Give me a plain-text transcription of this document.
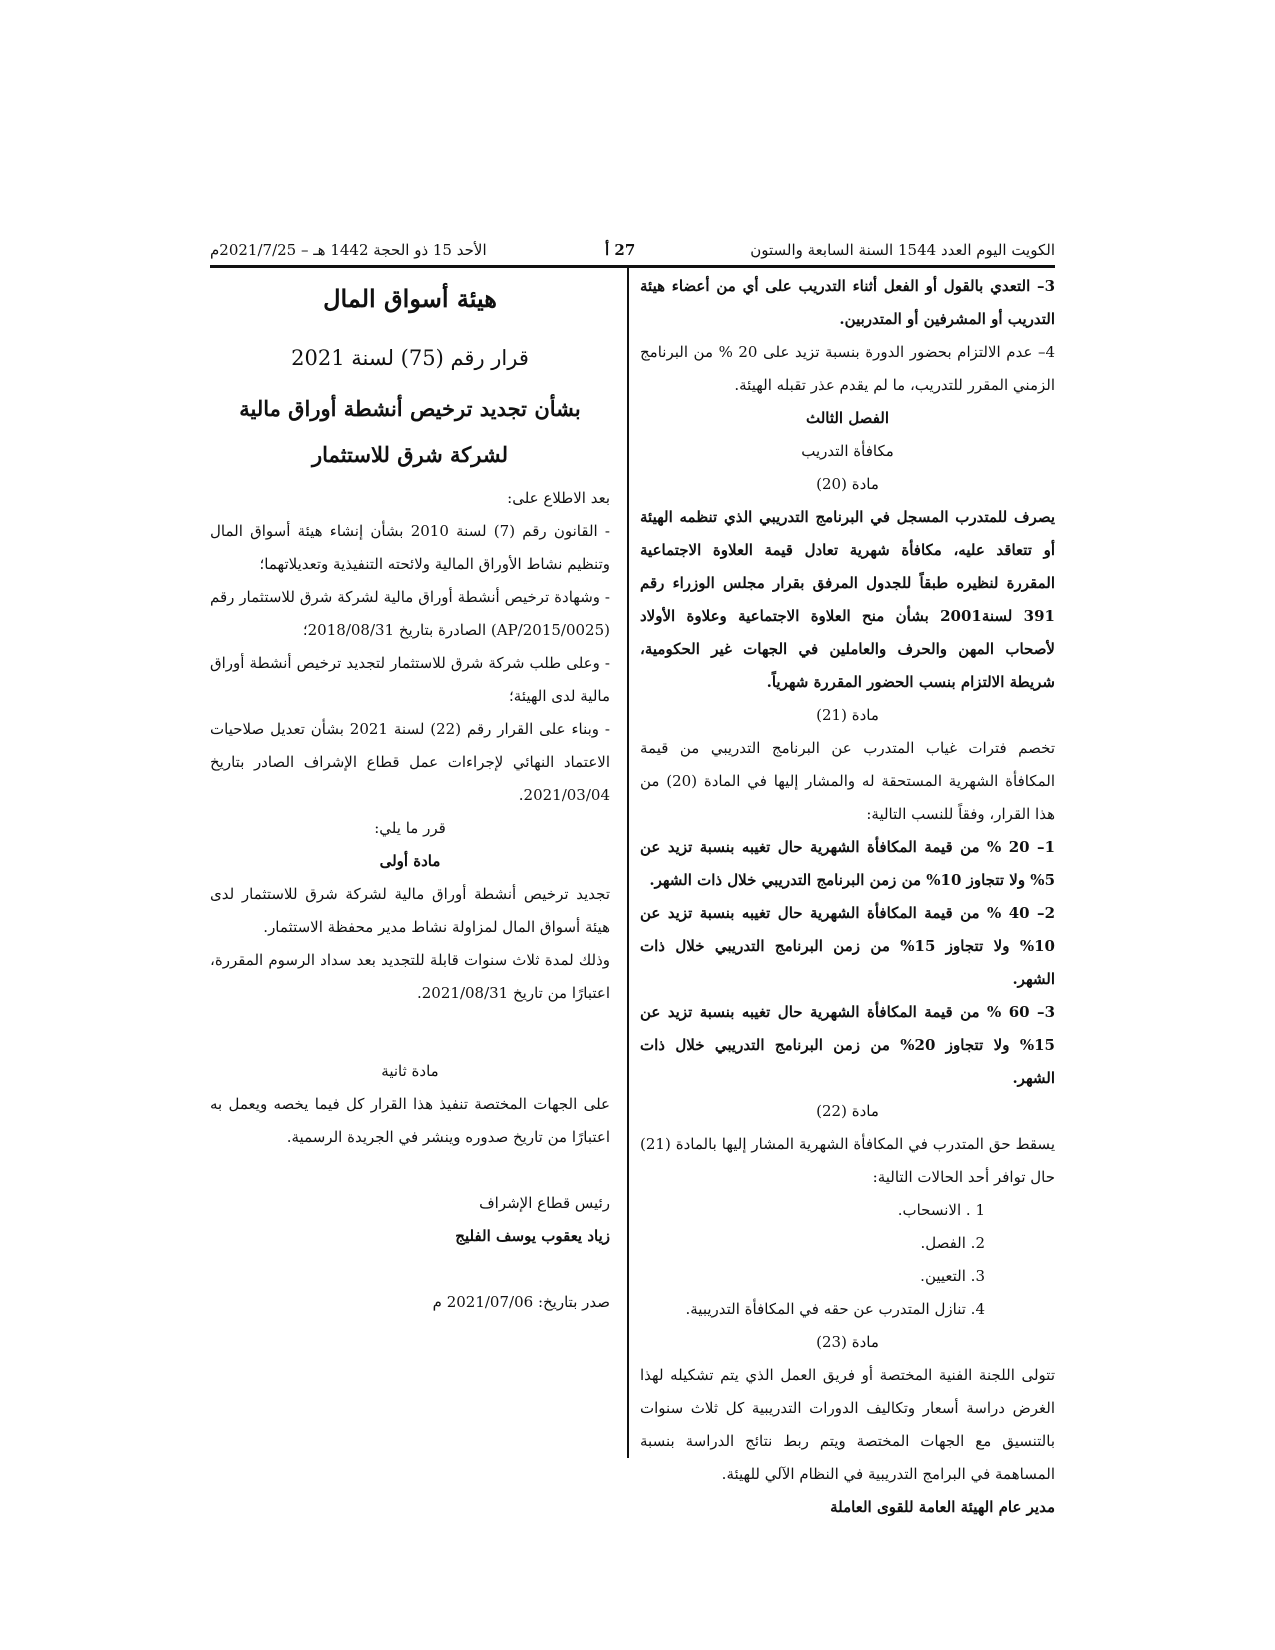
الكويت اليوم العدد 1544 السنة السابعة والستون
27 أ
الأحد 15 ذو الحجة 1442 هـ – 2021/7/25م

3– التعدي بالقول أو الفعل أثناء التدريب على أي من أعضاء هيئة التدريب أو المشرفين أو المتدربين.

4– عدم الالتزام بحضور الدورة بنسبة تزيد على 20 % من البرنامج الزمني المقرر للتدريب، ما لم يقدم عذر تقبله الهيئة.

الفصل الثالث

مكافأة التدريب

مادة (20)

يصرف للمتدرب المسجل في البرنامج التدريبي الذي تنظمه الهيئة أو تتعاقد عليه، مكافأة شهرية تعادل قيمة العلاوة الاجتماعية المقررة لنظيره طبقاً للجدول المرفق بقرار مجلس الوزراء رقم 391 لسنة2001 بشأن منح العلاوة الاجتماعية وعلاوة الأولاد لأصحاب المهن والحرف والعاملين في الجهات غير الحكومية، شريطة الالتزام بنسب الحضور المقررة شهرياً.

مادة (21)

تخصم فترات غياب المتدرب عن البرنامج التدريبي من قيمة المكافأة الشهرية المستحقة له والمشار إليها في المادة (20) من هذا القرار، وفقاً للنسب التالية:

1– 20 % من قيمة المكافأة الشهرية حال تغيبه بنسبة تزيد عن 5% ولا تتجاوز 10% من زمن البرنامج التدريبي خلال ذات الشهر.

2– 40 % من قيمة المكافأة الشهرية حال تغيبه بنسبة تزيد عن 10% ولا تتجاوز 15% من زمن البرنامج التدريبي خلال ذات الشهر.

3– 60 % من قيمة المكافأة الشهرية حال تغيبه بنسبة تزيد عن 15% ولا تتجاوز 20% من زمن البرنامج التدريبي خلال ذات الشهر.

مادة (22)

يسقط حق المتدرب في المكافأة الشهرية المشار إليها بالمادة (21) حال توافر أحد الحالات التالية:

1 . الانسحاب.

2. الفصل.

3. التعيين.

4. تنازل المتدرب عن حقه في المكافأة التدريبية.

مادة (23)

تتولى اللجنة الفنية المختصة أو فريق العمل الذي يتم تشكيله لهذا الغرض دراسة أسعار وتكاليف الدورات التدريبية كل ثلاث سنوات بالتنسيق مع الجهات المختصة ويتم ربط نتائج الدراسة بنسبة المساهمة في البرامج التدريبية في النظام الآلي للهيئة.

مدير عام الهيئة العامة للقوى العاملة

هيئة أسواق المال
قرار رقم (75) لسنة 2021
بشأن تجديد ترخيص أنشطة أوراق مالية لشركة شرق للاستثمار

بعد الاطلاع على:

- القانون رقم (7) لسنة 2010 بشأن إنشاء هيئة أسواق المال وتنظيم نشاط الأوراق المالية ولائحته التنفيذية وتعديلاتهما؛

- وشهادة ترخيص أنشطة أوراق مالية لشركة شرق للاستثمار رقم (AP/2015/0025) الصادرة بتاريخ 2018/08/31؛

- وعلى طلب شركة شرق للاستثمار لتجديد ترخيص أنشطة أوراق مالية لدى الهيئة؛

- وبناء على القرار رقم (22) لسنة 2021 بشأن تعديل صلاحيات الاعتماد النهائي لإجراءات عمل قطاع الإشراف الصادر بتاريخ 2021/03/04.

قرر ما يلي:

مادة أولى

تجديد ترخيص أنشطة أوراق مالية لشركة شرق للاستثمار لدى هيئة أسواق المال لمزاولة نشاط مدير محفظة الاستثمار.

وذلك لمدة ثلاث سنوات قابلة للتجديد بعد سداد الرسوم المقررة، اعتبارًا من تاريخ 2021/08/31.

مادة ثانية

على الجهات المختصة تنفيذ هذا القرار كل فيما يخصه ويعمل به اعتبارًا من تاريخ صدوره وينشر في الجريدة الرسمية.

رئيس قطاع الإشراف

زياد يعقوب يوسف الفليج

صدر بتاريخ: 2021/07/06 م
